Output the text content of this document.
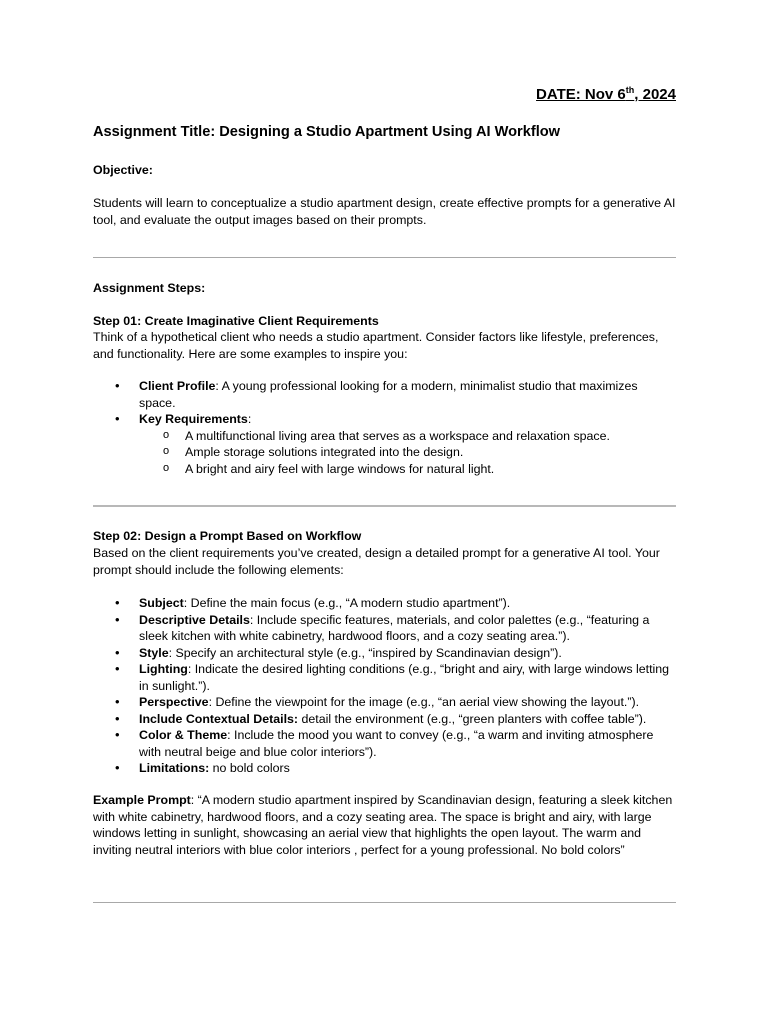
DATE: Nov 6th, 2024
Assignment Title: Designing a Studio Apartment Using AI Workflow
Objective:

Students will learn to conceptualize a studio apartment design, create effective prompts for a generative AI tool, and evaluate the output images based on their prompts.

Assignment Steps:
Step 01: Create Imaginative Client Requirements

Think of a hypothetical client who needs a studio apartment. Consider factors like lifestyle, preferences, and functionality. Here are some examples to inspire you:

• Client Profile: A young professional looking for a modern, minimalist studio that maximizes space.
• Key Requirements:
o A multifunctional living area that serves as a workspace and relaxation space.
o Ample storage solutions integrated into the design.
o A bright and airy feel with large windows for natural light.
Step 02: Design a Prompt Based on Workflow

Based on the client requirements you’ve created, design a detailed prompt for a generative AI tool. Your prompt should include the following elements:

• Subject: Define the main focus (e.g., “A modern studio apartment”).
• Descriptive Details: Include specific features, materials, and color palettes (e.g., “featuring a sleek kitchen with white cabinetry, hardwood floors, and a cozy seating area.”).
• Style: Specify an architectural style (e.g., “inspired by Scandinavian design”).
• Lighting: Indicate the desired lighting conditions (e.g., “bright and airy, with large windows letting in sunlight.”).
• Perspective: Define the viewpoint for the image (e.g., “an aerial view showing the layout.”).
• Include Contextual Details: detail the environment (e.g., “green planters with coffee table”).
• Color & Theme: Include the mood you want to convey (e.g., “a warm and inviting atmosphere with neutral beige and blue color interiors”).
• Limitations: no bold colors

Example Prompt: “A modern studio apartment inspired by Scandinavian design, featuring a sleek kitchen with white cabinetry, hardwood floors, and a cozy seating area. The space is bright and airy, with large windows letting in sunlight, showcasing an aerial view that highlights the open layout. The warm and inviting neutral interiors with blue color interiors , perfect for a young professional. No bold colors”
